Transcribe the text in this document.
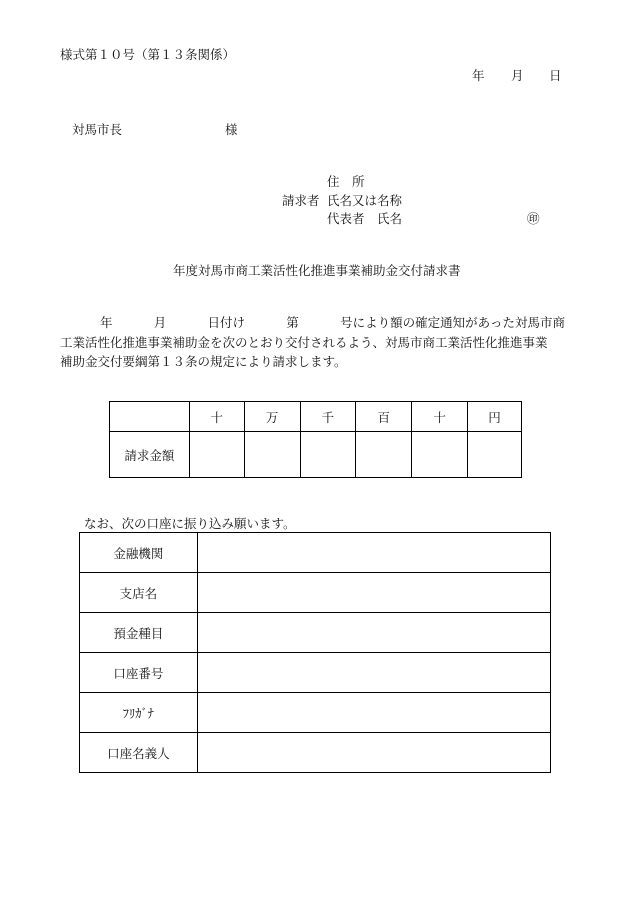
様式第１０号（第１３条関係）
年 月 日
対馬市長	様
住　所
請求者 氏名又は名称
代表者　氏名	㊞
年度対馬市商工業活性化推進事業補助金交付請求書
年	月	日付け	第	号により額の確定通知があった対馬市商
工業活性化推進事業補助金を次のとおり交付されるよう、対馬市商工業活性化推進事業
補助金交付要綱第１３条の規定により請求します。
	十	万	千	百	十	円
請求金額						
なお、次の口座に振り込み願います。
金融機関	
支店名	
預金種目	
口座番号	
ﾌﾘｶﾞﾅ	
口座名義人	
